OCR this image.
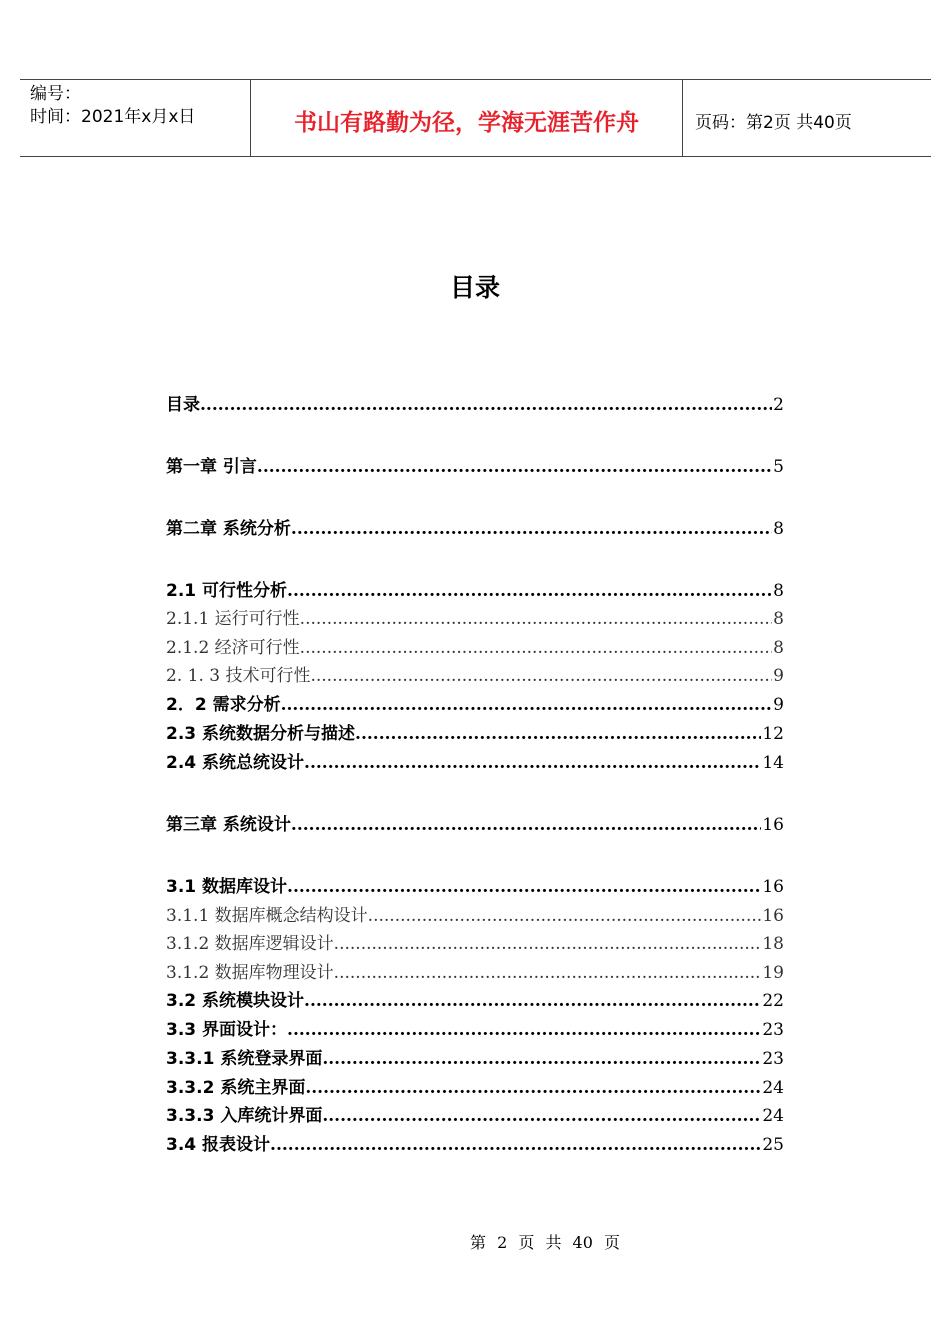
编号：
时间：2021年x月x日	书山有路勤为径，学海无涯苦作舟	页码：第2页 共40页
目录
目录 .....	2
第一章 引言 .....	5
第二章 系统分析 .....	8
2.1 可行性分析 .....	8
2.1.1 运行可行性 .....	8
2.1.2 经济可行性 .....	8
2. 1. 3 技术可行性 .....	9
2．2 需求分析 .....	9
2.3 系统数据分析与描述 .....	12
2.4 系统总统设计 .....	14
第三章 系统设计 .....	16
3.1 数据库设计 .....	16
3.1.1 数据库概念结构设计 .....	16
3.1.2 数据库逻辑设计 .....	18
3.1.2 数据库物理设计 .....	19
3.2 系统模块设计 .....	22
3.3 界面设计： .....	23
3.3.1 系统登录界面 .....	23
3.3.2 系统主界面 .....	24
3.3.3 入库统计界面 .....	24
3.4 报表设计 .....	25
第 2 页 共 40 页
